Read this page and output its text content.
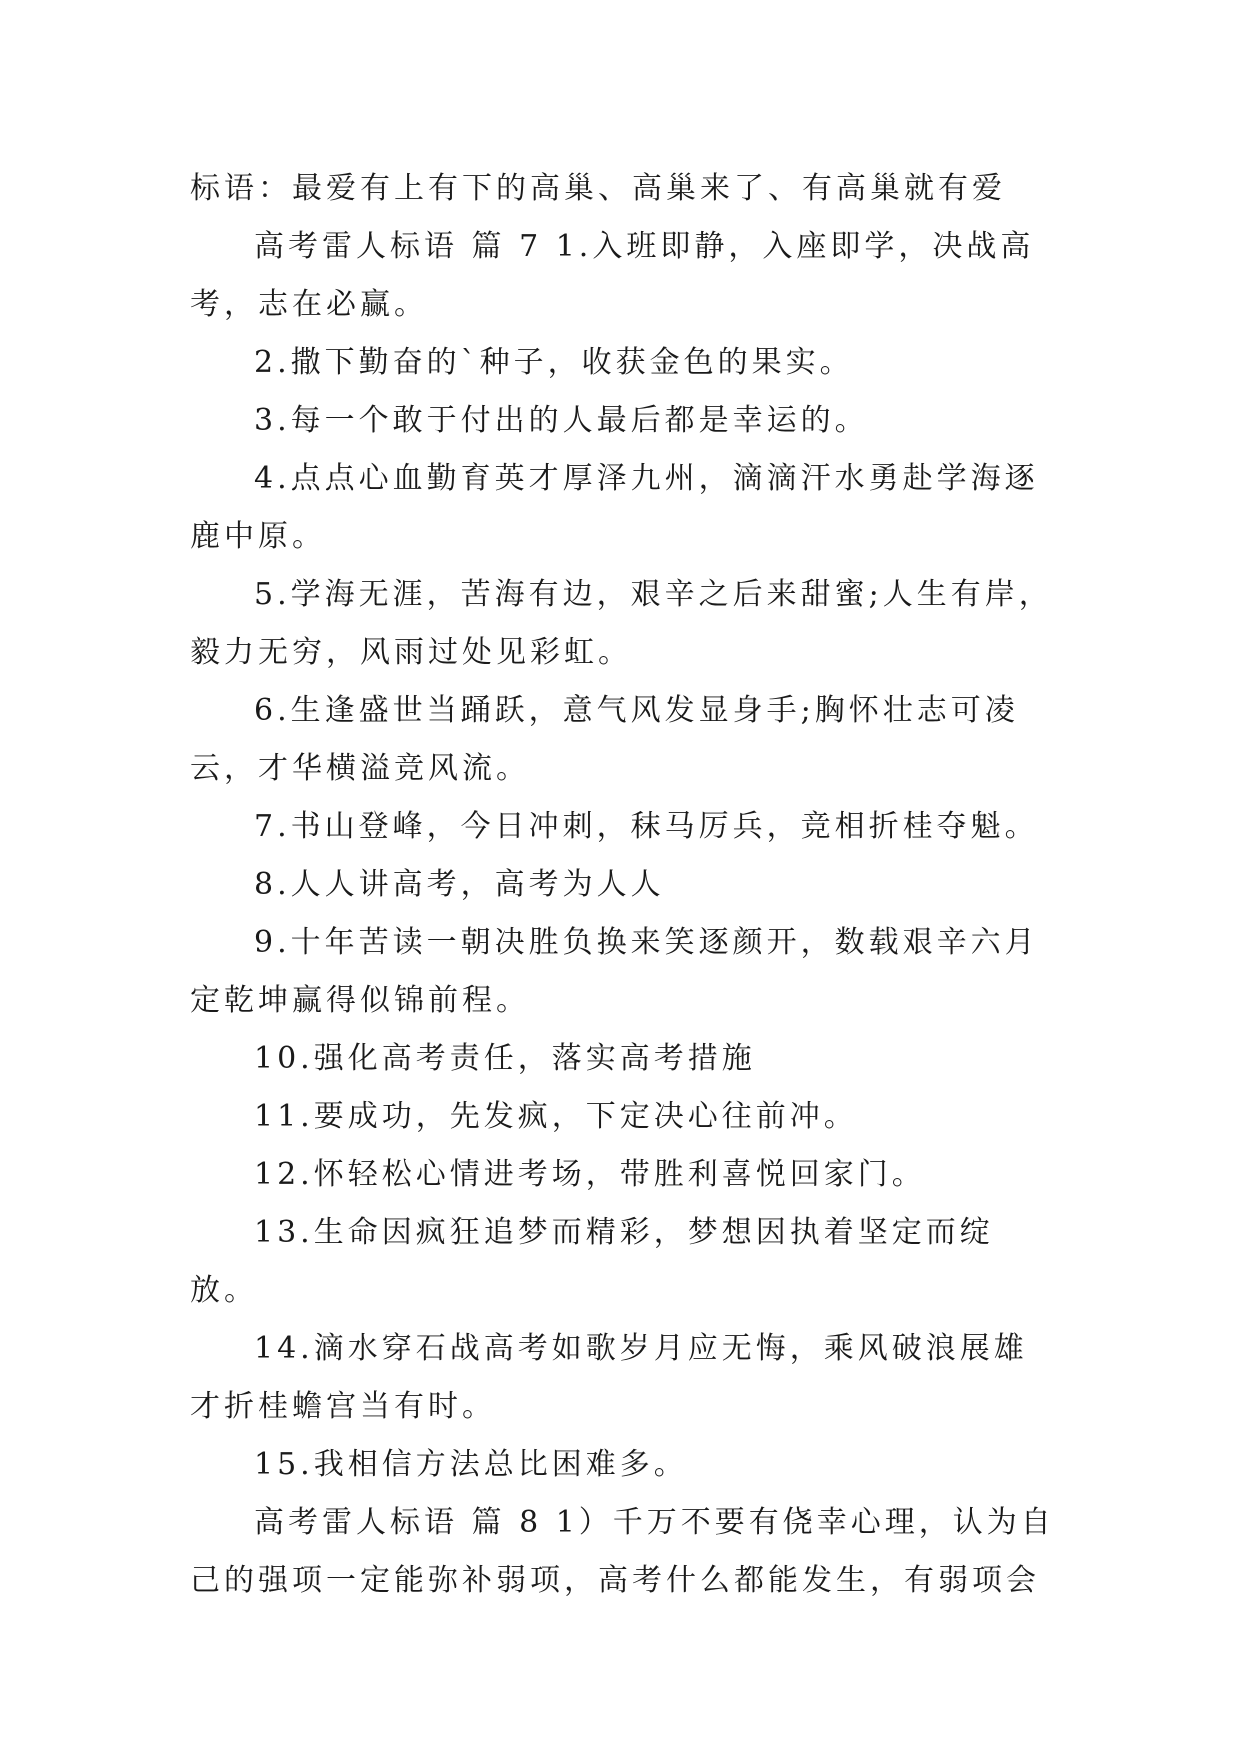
标语：最爱有上有下的高巢、高巢来了、有高巢就有爱

高考雷人标语 篇 7 1.入班即静，入座即学，决战高考，志在必赢。

2.撒下勤奋的`种子，收获金色的果实。

3.每一个敢于付出的人最后都是幸运的。

4.点点心血勤育英才厚泽九州，滴滴汗水勇赴学海逐鹿中原。

5.学海无涯，苦海有边，艰辛之后来甜蜜;人生有岸，毅力无穷，风雨过处见彩虹。

6.生逢盛世当踊跃，意气风发显身手;胸怀壮志可凌云，才华横溢竞风流。

7.书山登峰，今日冲刺，秣马厉兵，竞相折桂夺魁。

8.人人讲高考，高考为人人

9.十年苦读一朝决胜负换来笑逐颜开，数载艰辛六月定乾坤赢得似锦前程。

10.强化高考责任，落实高考措施

11.要成功，先发疯，下定决心往前冲。

12.怀轻松心情进考场，带胜利喜悦回家门。

13.生命因疯狂追梦而精彩，梦想因执着坚定而绽放。

14.滴水穿石战高考如歌岁月应无悔，乘风破浪展雄才折桂蟾宫当有时。

15.我相信方法总比困难多。

高考雷人标语 篇 8 1）千万不要有侥幸心理，认为自己的强项一定能弥补弱项，高考什么都能发生，有弱项会
